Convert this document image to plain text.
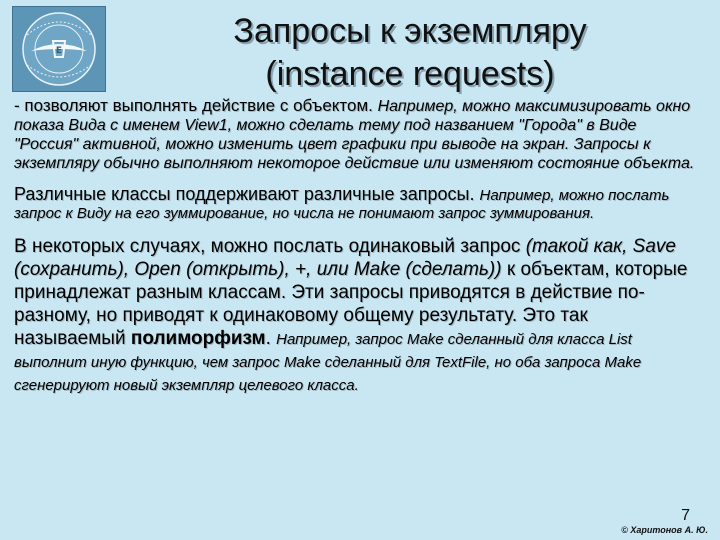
Е
Запросы к экземпляру
(instance requests)

- позволяют выполнять действие с объектом. Например, можно максимизировать окно показа Вида с именем View1, можно сделать тему под названием "Города" в Виде "Россия" активной, можно изменить цвет графики при выводе на экран. Запросы к экземпляру обычно выполняют некоторое действие или изменяют состояние объекта.

Различные классы поддерживают различные запросы. Например, можно послать запрос к Виду на его зуммирование, но числа не понимают запрос зуммирования.

В некоторых случаях, можно послать одинаковый запрос (такой как, Save (сохранить), Open (открыть), +, или Make (сделать)) к объектам, которые принадлежат разным классам. Эти запросы приводятся в действие по-разному, но приводят к одинаковому общему результату. Это так называемый полиморфизм. Например, запрос Make сделанный для класса List выполнит иную функцию, чем запрос Make сделанный для TextFile, но оба запроса Make сгенерируют новый экземпляр целевого класса.

7
© Харитонов А. Ю.
